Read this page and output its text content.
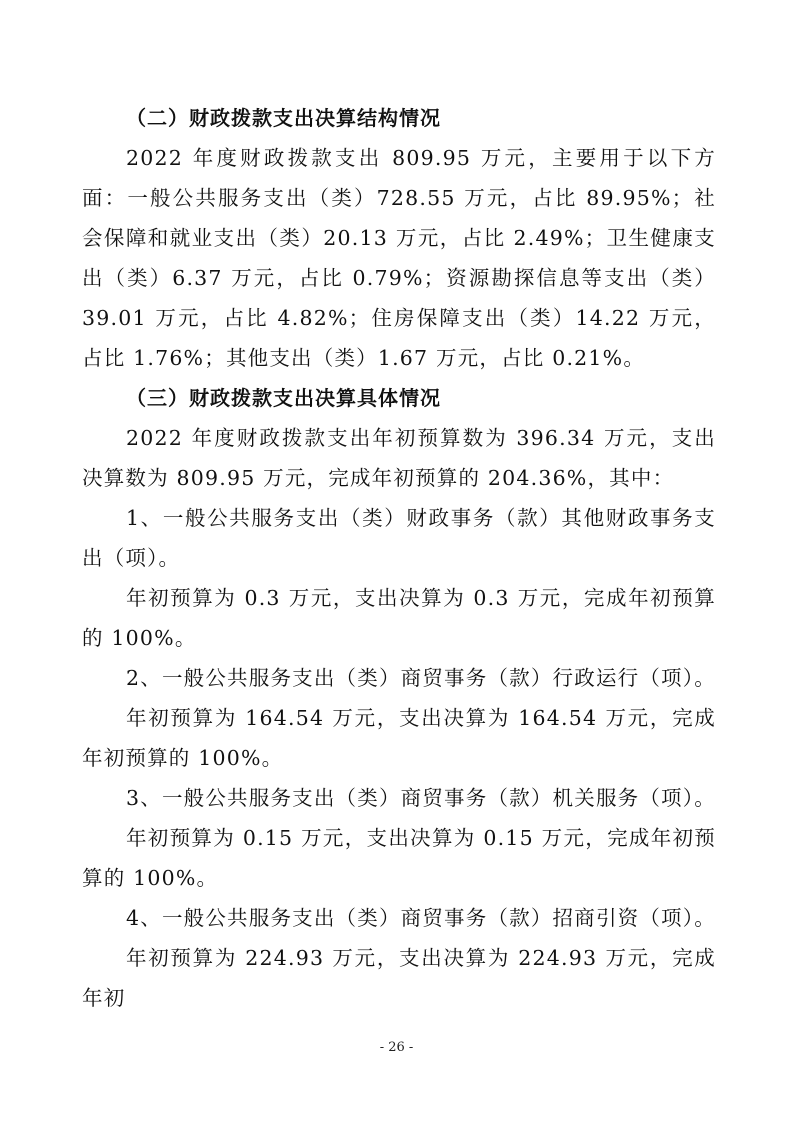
（二）财政拨款支出决算结构情况

2022 年度财政拨款支出 809.95 万元，主要用于以下方面：一般公共服务支出（类）728.55 万元，占比 89.95%；社会保障和就业支出（类）20.13 万元，占比 2.49%；卫生健康支出（类）6.37 万元，占比 0.79%；资源勘探信息等支出（类）39.01 万元，占比 4.82%；住房保障支出（类）14.22 万元，占比 1.76%；其他支出（类）1.67 万元，占比 0.21%。

（三）财政拨款支出决算具体情况

2022 年度财政拨款支出年初预算数为 396.34 万元，支出决算数为 809.95 万元，完成年初预算的 204.36%，其中：

1、一般公共服务支出（类）财政事务（款）其他财政事务支出（项）。

年初预算为 0.3 万元，支出决算为 0.3 万元，完成年初预算的 100%。

2、一般公共服务支出（类）商贸事务（款）行政运行（项）。

年初预算为 164.54 万元，支出决算为 164.54 万元，完成年初预算的 100%。

3、一般公共服务支出（类）商贸事务（款）机关服务（项）。

年初预算为 0.15 万元，支出决算为 0.15 万元，完成年初预算的 100%。

4、一般公共服务支出（类）商贸事务（款）招商引资（项）。

年初预算为 224.93 万元，支出决算为 224.93 万元，完成年初

- 26 -
